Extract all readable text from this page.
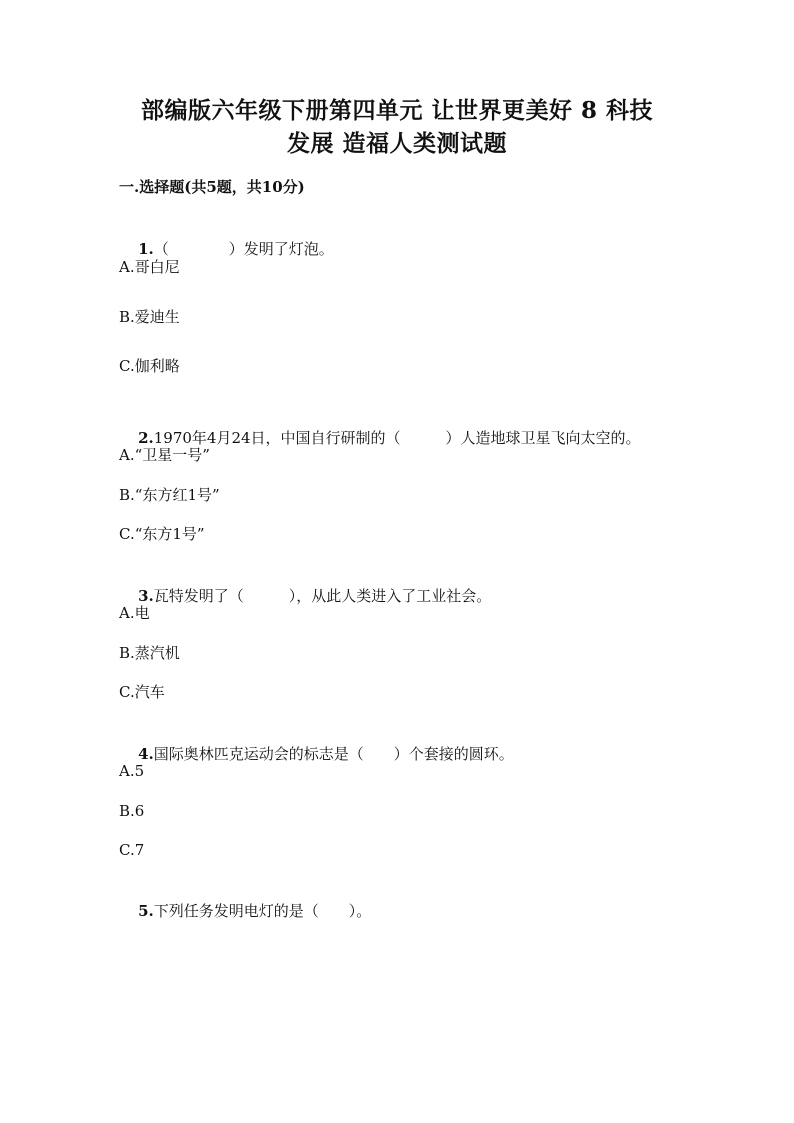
部编版六年级下册第四单元 让世界更美好 8 科技
发展 造福人类测试题
一.选择题(共5题，共10分)

1.（　　　　）发明了灯泡。

A.哥白尼
B.爱迪生
C.伽利略

2.1970年4月24日，中国自行研制的（　　　）人造地球卫星飞向太空的。

A.“卫星一号”
B.“东方红1号”
C.“东方1号”

3.瓦特发明了（　　　），从此人类进入了工业社会。

A.电
B.蒸汽机
C.汽车

4.国际奥林匹克运动会的标志是（　　）个套接的圆环。

A.5
B.6
C.7

5.下列任务发明电灯的是（　　）。
